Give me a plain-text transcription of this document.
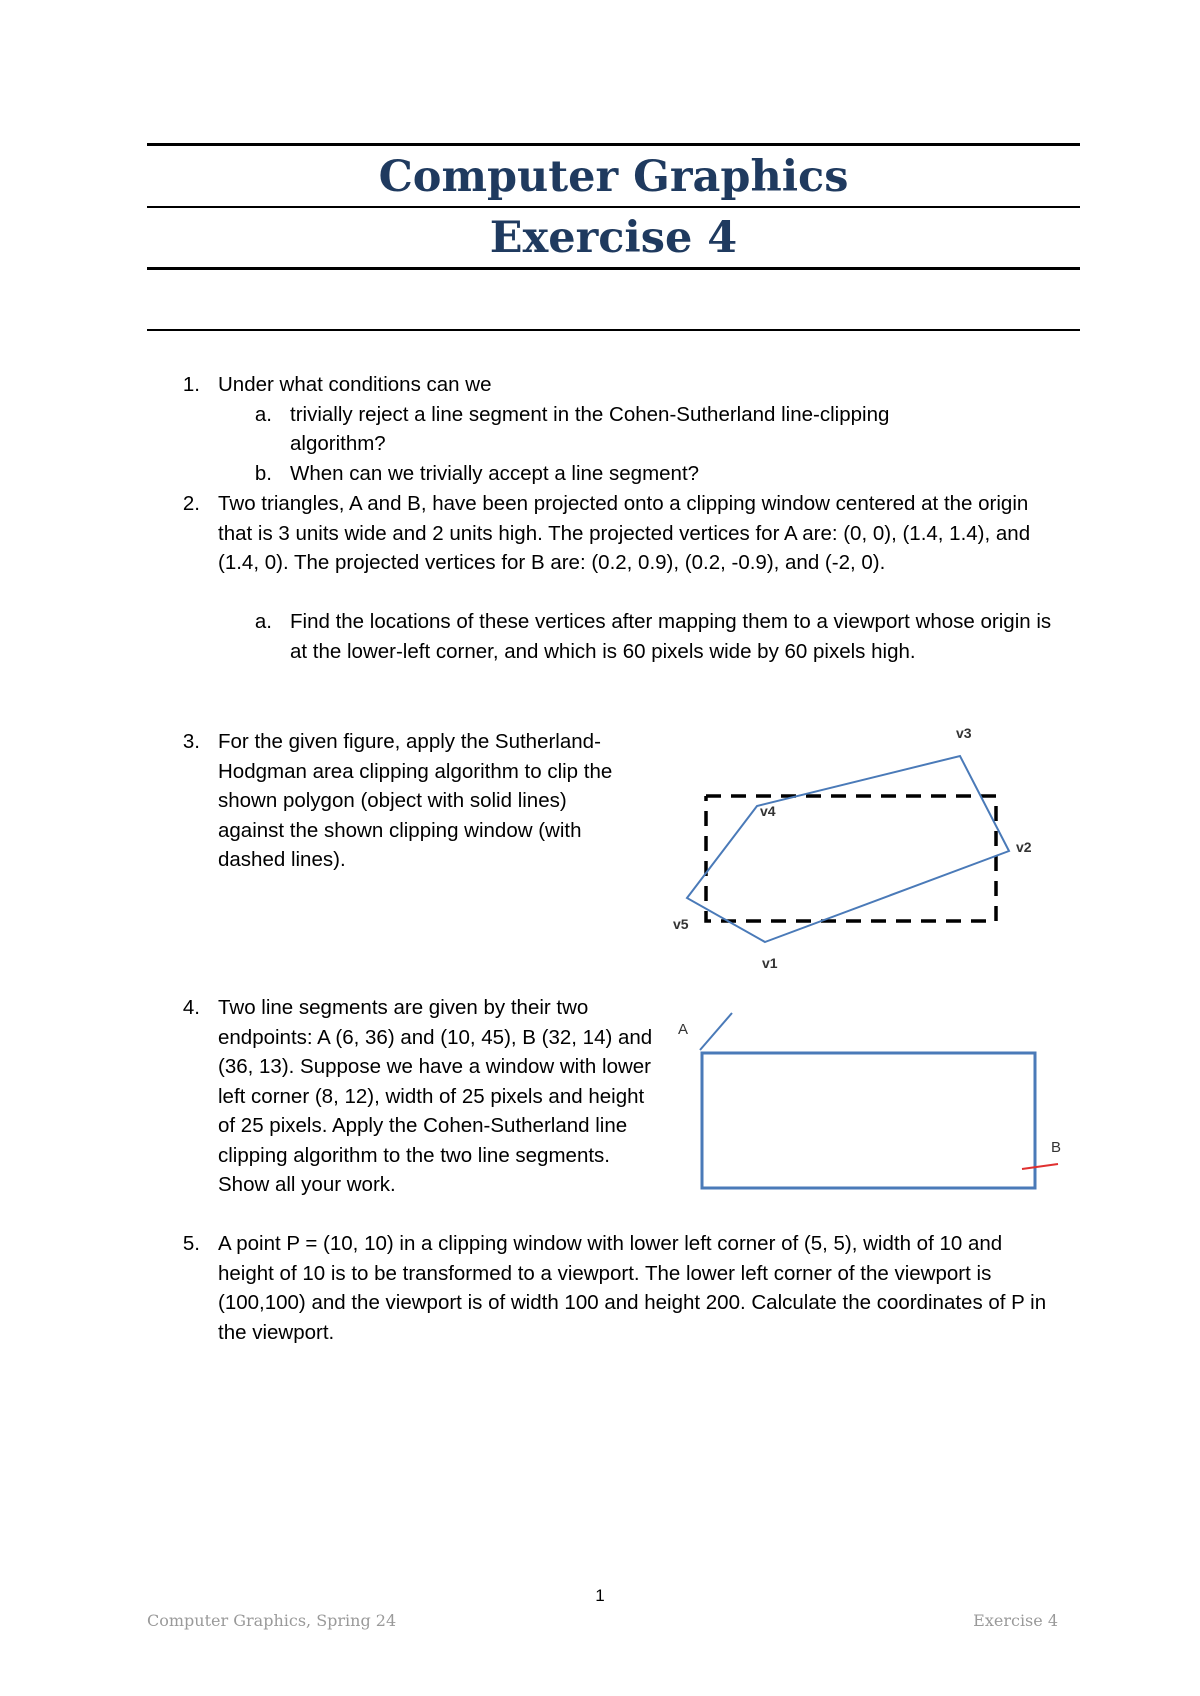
Computer Graphics
Exercise 4
1. Under what conditions can we
a. trivially reject a line segment in the Cohen-Sutherland line-clipping algorithm?
b. When can we trivially accept a line segment?
2. Two triangles, A and B, have been projected onto a clipping window centered at the origin that is 3 units wide and 2 units high. The projected vertices for A are: (0, 0), (1.4, 1.4), and (1.4, 0). The projected vertices for B are: (0.2, 0.9), (0.2, -0.9), and (-2, 0).
a. Find the locations of these vertices after mapping them to a viewport whose origin is at the lower-left corner, and which is 60 pixels wide by 60 pixels high.
3. For the given figure, apply the Sutherland-Hodgman area clipping algorithm to clip the shown polygon (object with solid lines) against the shown clipping window (with dashed lines).
v1
v2
v3
v4
v5
4. Two line segments are given by their two endpoints: A (6, 36) and (10, 45), B (32, 14) and (36, 13). Suppose we have a window with lower left corner (8, 12), width of 25 pixels and height of 25 pixels. Apply the Cohen-Sutherland line clipping algorithm to the two line segments. Show all your work.
A
B
5. A point P = (10, 10) in a clipping window with lower left corner of (5, 5), width of 10 and height of 10 is to be transformed to a viewport. The lower left corner of the viewport is (100,100) and the viewport is of width 100 and height 200. Calculate the coordinates of P in the viewport.
1
Computer Graphics, Spring 24	Exercise 4
